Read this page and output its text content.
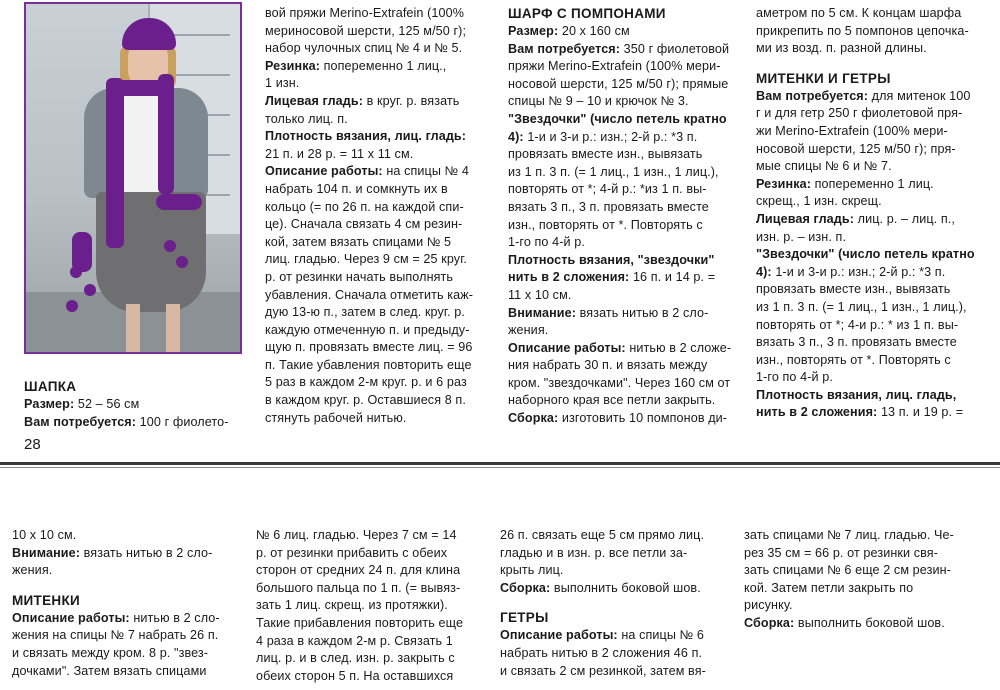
ШАПКА

Размер: 52 – 56 см

Вам потребуется: 100 г фиолето-

28

вой пряжи Merino-Extrafein (100%

мериносовой шерсти, 125 м/50 г);

набор чулочных спиц № 4 и № 5.

Резинка: попеременно 1 лиц.,

1 изн.

Лицевая гладь: в круг. р. вязать

только лиц. п.

Плотность вязания, лиц. гладь:

21 п. и 28 р. = 11 х 11 см.

Описание работы: на спицы № 4

набрать 104 п. и сомкнуть их в

кольцо (= по 26 п. на каждой спи-

це). Сначала связать 4 см резин-

кой, затем вязать спицами № 5

лиц. гладью. Через 9 см = 25 круг.

р. от резинки начать выполнять

убавления. Сначала отметить каж-

дую 13-ю п., затем в след. круг. р.

каждую отмеченную п. и предыду-

щую п. провязать вместе лиц. = 96

п. Такие убавления повторить еще

5 раз в каждом 2-м круг. р. и 6 раз

в каждом круг. р. Оставшиеся 8 п.

стянуть рабочей нитью.

ШАРФ С ПОМПОНАМИ

Размер: 20 х 160 см

Вам потребуется: 350 г фиолетовой

пряжи Merino-Extrafein (100% мери-

носовой шерсти, 125 м/50 г); прямые

спицы № 9 – 10 и крючок № 3.

"Звездочки" (число петель кратно

4): 1-и и 3-и р.: изн.; 2-й р.: *3 п.

провязать вместе изн., вывязать

из 1 п. 3 п. (= 1 лиц., 1 изн., 1 лиц.),

повторять от *; 4-й р.: *из 1 п. вы-

вязать 3 п., 3 п. провязать вместе

изн., повторять от *. Повторять с

1-го по 4-й р.

Плотность вязания, "звездочки"

нить в 2 сложения: 16 п. и 14 р. =

11 х 10 см.

Внимание: вязать нитью в 2 сло-

жения.

Описание работы: нитью в 2 сложе-

ния набрать 30 п. и вязать между

кром. "звездочками". Через 160 см от

наборного края все петли закрыть.

Сборка: изготовить 10 помпонов ди-

аметром по 5 см. К концам шарфа

прикрепить по 5 помпонов цепочка-

ми из возд. п. разной длины.

МИТЕНКИ И ГЕТРЫ

Вам потребуется: для митенок 100

г и для гетр 250 г фиолетовой пря-

жи Merino-Extrafein (100% мери-

носовой шерсти, 125 м/50 г); пря-

мые спицы № 6 и № 7.

Резинка: попеременно 1 лиц.

скрещ., 1 изн. скрещ.

Лицевая гладь: лиц. р. – лиц. п.,

изн. р. – изн. п.

"Звездочки" (число петель кратно

4): 1-и и 3-и р.: изн.; 2-й р.: *3 п.

провязать вместе изн., вывязать

из 1 п. 3 п. (= 1 лиц., 1 изн., 1 лиц.),

повторять от *; 4-и р.: * из 1 п. вы-

вязать 3 п., 3 п. провязать вместе

изн., повторять от *. Повторять с

1-го по 4-й р.

Плотность вязания, лиц. гладь,

нить в 2 сложения: 13 п. и 19 р. =

10 х 10 см.

Внимание: вязать нитью в 2 сло-

жения.

МИТЕНКИ

Описание работы: нитью в 2 сло-

жения на спицы № 7 набрать 26 п.

и связать между кром. 8 р. "звез-

дочками". Затем вязать спицами

№ 6 лиц. гладью. Через 7 см = 14

р. от резинки прибавить с обеих

сторон от средних 24 п. для клина

большого пальца по 1 п. (= вывяз-

зать 1 лиц. скрещ. из протяжки).

Такие прибавления повторить еще

4 раза в каждом 2-м р. Связать 1

лиц. р. и в след. изн. р. закрыть с

обеих сторон 5 п. На оставшихся

26 п. связать еще 5 см прямо лиц.

гладью и в изн. р. все петли за-

крыть лиц.

Сборка: выполнить боковой шов.

ГЕТРЫ

Описание работы: на спицы № 6

набрать нитью в 2 сложения 46 п.

и связать 2 см резинкой, затем вя-

зать спицами № 7 лиц. гладью. Че-

рез 35 см = 66 р. от резинки свя-

зать спицами № 6 еще 2 см резин-

кой. Затем петли закрыть по

рисунку.

Сборка: выполнить боковой шов.
